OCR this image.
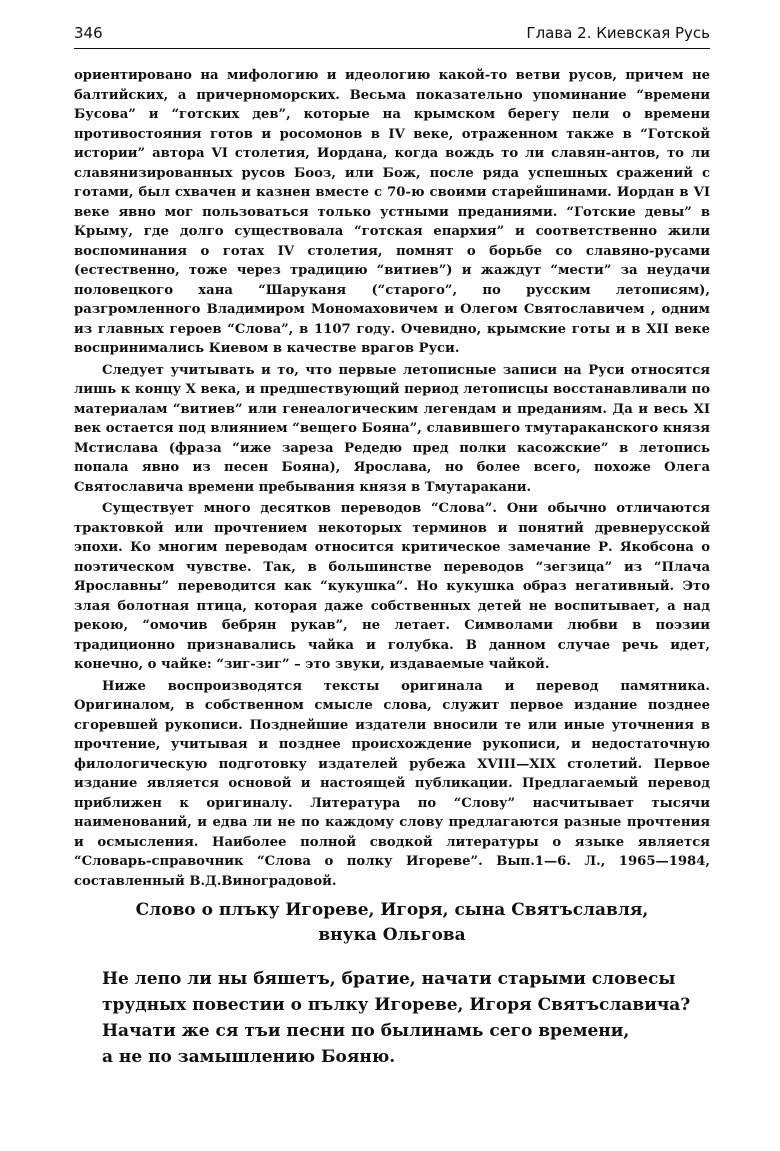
346	Глава 2. Киевская Русь

ориентировано на мифологию и идеологию какой-то ветви русов, причем не балтийских, а причерноморских. Весьма показательно упоминание “времени Бусова” и “готских дев”, которые на крымском берегу пели о времени противостояния готов и росомонов в IV веке, отраженном также в “Готской истории” автора VI столетия, Иордана, когда вождь то ли славян-антов, то ли славянизированных русов Бооз, или Бож, после ряда успешных сражений с готами, был схвачен и казнен вместе с 70-ю своими старейшинами. Иордан в VI веке явно мог пользоваться только устными преданиями. “Готские девы” в Крыму, где долго существовала “готская епархия” и соответственно жили воспоминания о готах IV столетия, помнят о борьбе со славяно-русами (естественно, тоже через традицию “витиев”) и жаждут “мести” за неудачи половецкого хана “Шаруканя (“старого”, по русским летописям), разгромленного Владимиром Мономаховичем и Олегом Святославичем , одним из главных героев “Слова”, в 1107 году. Очевидно, крымские готы и в XII веке воспринимались Киевом в качестве врагов Руси.

Следует учитывать и то, что первые летописные записи на Руси относятся лишь к концу X века, и предшествующий период летописцы восстанавливали по материалам “витиев” или генеалогическим легендам и преданиям. Да и весь XI век остается под влиянием “вещего Бояна”, славившего тмутараканского князя Мстислава (фраза “иже зареза Редедю пред полки касожские” в летопись попала явно из песен Бояна), Ярослава, но более всего, похоже Олега Святославича времени пребывания князя в Тмутаракани.

Существует много десятков переводов “Слова”. Они обычно отличаются трактовкой или прочтением некоторых терминов и понятий древнерусской эпохи. Ко многим переводам относится критическое замечание Р. Якобсона о поэтическом чувстве. Так, в большинстве переводов “зегзица” из “Плача Ярославны” переводится как “кукушка”. Но кукушка образ негативный. Это злая болотная птица, которая даже собственных детей не воспитывает, а над рекою, “омочив бебрян рукав”, не летает. Символами любви в поэзии традиционно признавались чайка и голубка. В данном случае речь идет, конечно, о чайке: “зиг-зиг” – это звуки, издаваемые чайкой.

Ниже воспроизводятся тексты оригинала и перевод памятника. Оригиналом, в собственном смысле слова, служит первое издание позднее сгоревшей рукописи. Позднейшие издатели вносили те или иные уточнения в прочтение, учитывая и позднее происхождение рукописи, и недостаточную филологическую подготовку издателей рубежа XVIII—XIX столетий. Первое издание является основой и настоящей публикации. Предлагаемый перевод приближен к оригиналу. Литература по “Слову” насчитывает тысячи наименований, и едва ли не по каждому слову предлагаются разные прочтения и осмысления. Наиболее полной сводкой литературы о языке является “Словарь-справочник “Слова о полку Игореве”. Вып.1—6. Л., 1965—1984, составленный В.Д.Виноградовой.

Слово о плъку Игореве, Игоря, сына Святъславля,
внука Ольгова
Не лепо ли ны бяшетъ, братие, начати старыми словесы
трудных повестии о пълку Игореве, Игоря Святъславича?
Начати же ся тъи песни по былинамь сего времени,
а не по замышлению Бояню.
